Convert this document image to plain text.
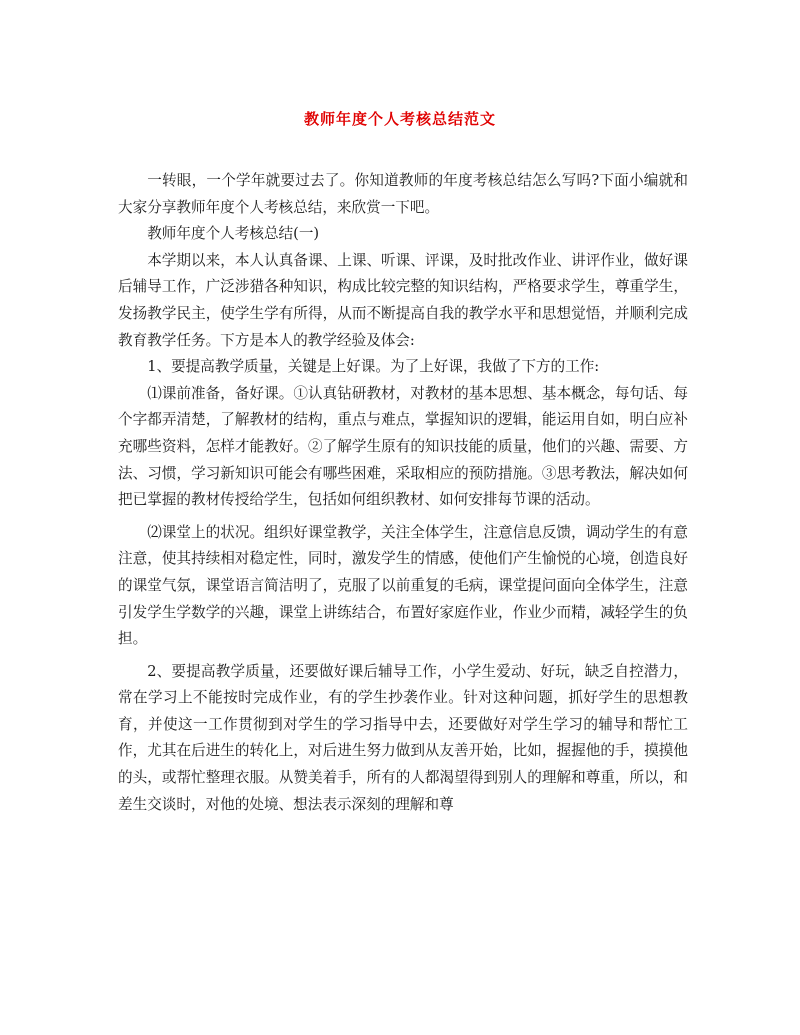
教师年度个人考核总结范文

一转眼，一个学年就要过去了。你知道教师的年度考核总结怎么写吗?下面小编就和大家分享教师年度个人考核总结，来欣赏一下吧。

教师年度个人考核总结(一)

本学期以来，本人认真备课、上课、听课、评课，及时批改作业、讲评作业，做好课后辅导工作，广泛涉猎各种知识，构成比较完整的知识结构，严格要求学生，尊重学生，发扬教学民主，使学生学有所得，从而不断提高自我的教学水平和思想觉悟，并顺利完成教育教学任务。下方是本人的教学经验及体会:

1、要提高教学质量，关键是上好课。为了上好课，我做了下方的工作:

⑴课前准备，备好课。①认真钻研教材，对教材的基本思想、基本概念，每句话、每个字都弄清楚，了解教材的结构，重点与难点，掌握知识的逻辑，能运用自如，明白应补充哪些资料，怎样才能教好。②了解学生原有的知识技能的质量，他们的兴趣、需要、方法、习惯，学习新知识可能会有哪些困难，采取相应的预防措施。③思考教法，解决如何把已掌握的教材传授给学生，包括如何组织教材、如何安排每节课的活动。

⑵课堂上的状况。组织好课堂教学，关注全体学生，注意信息反馈，调动学生的有意注意，使其持续相对稳定性，同时，激发学生的情感，使他们产生愉悦的心境，创造良好的课堂气氛，课堂语言简洁明了，克服了以前重复的毛病，课堂提问面向全体学生，注意引发学生学数学的兴趣，课堂上讲练结合，布置好家庭作业，作业少而精，减轻学生的负担。

2、要提高教学质量，还要做好课后辅导工作，小学生爱动、好玩，缺乏自控潜力，常在学习上不能按时完成作业，有的学生抄袭作业。针对这种问题，抓好学生的思想教育，并使这一工作贯彻到对学生的学习指导中去，还要做好对学生学习的辅导和帮忙工作，尤其在后进生的转化上，对后进生努力做到从友善开始，比如，握握他的手，摸摸他的头，或帮忙整理衣服。从赞美着手，所有的人都渴望得到别人的理解和尊重，所以，和差生交谈时，对他的处境、想法表示深刻的理解和尊
